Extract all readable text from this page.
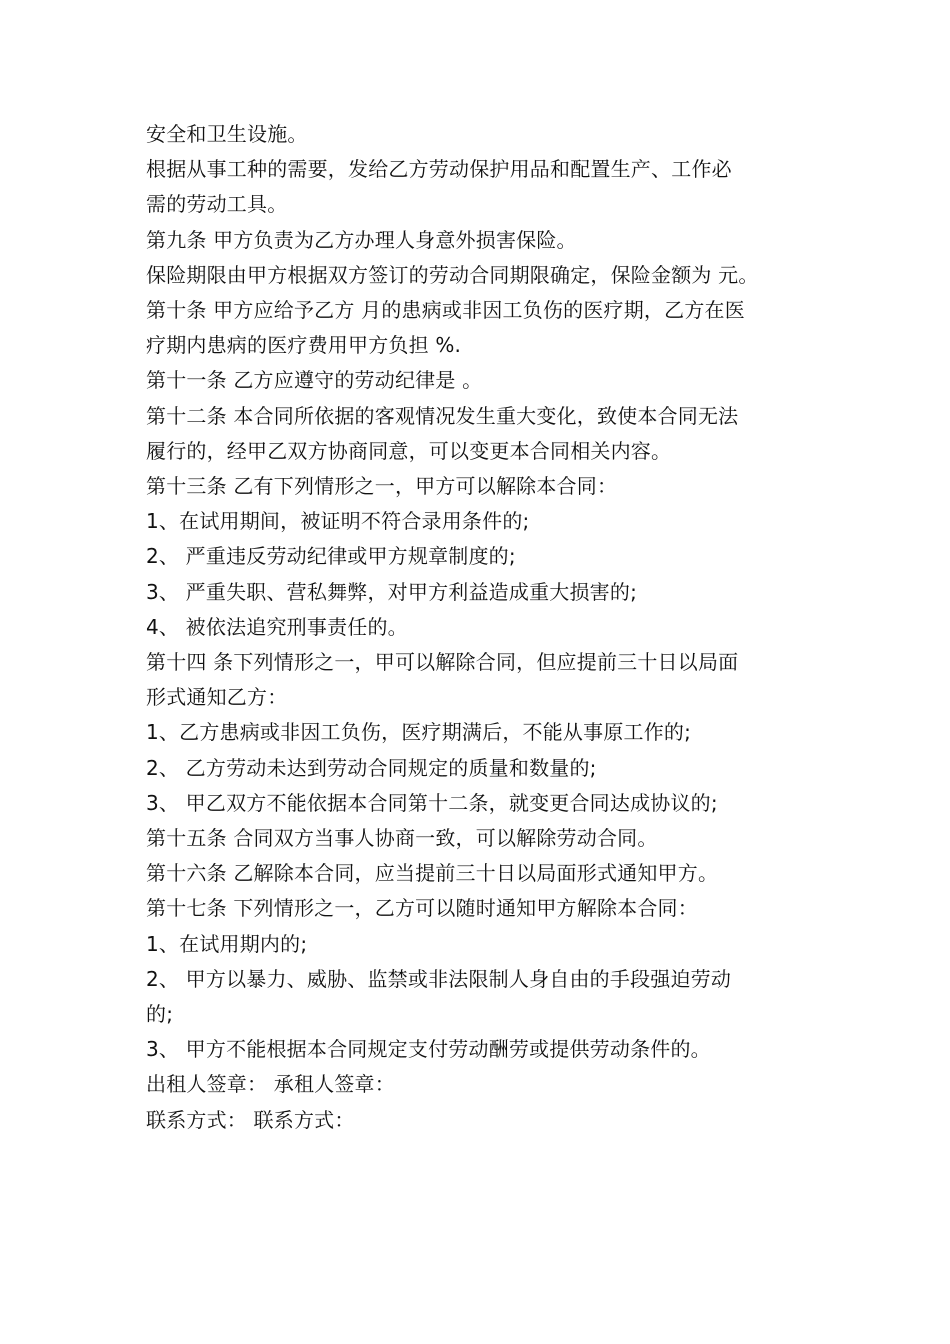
安全和卫生设施。
根据从事工种的需要，发给乙方劳动保护用品和配置生产、工作必
需的劳动工具。
第九条 甲方负责为乙方办理人身意外损害保险。
保险期限由甲方根据双方签订的劳动合同期限确定，保险金额为 元。
第十条 甲方应给予乙方 月的患病或非因工负伤的医疗期，乙方在医
疗期内患病的医疗费用甲方负担 %.
第十一条 乙方应遵守的劳动纪律是 。
第十二条 本合同所依据的客观情况发生重大变化，致使本合同无法
履行的，经甲乙双方协商同意，可以变更本合同相关内容。
第十三条 乙有下列情形之一，甲方可以解除本合同：
1、在试用期间，被证明不符合录用条件的;
2、 严重违反劳动纪律或甲方规章制度的;
3、 严重失职、营私舞弊，对甲方利益造成重大损害的;
4、 被依法追究刑事责任的。
第十四 条下列情形之一，甲可以解除合同，但应提前三十日以局面
形式通知乙方：
1、乙方患病或非因工负伤，医疗期满后，不能从事原工作的;
2、 乙方劳动未达到劳动合同规定的质量和数量的;
3、 甲乙双方不能依据本合同第十二条，就变更合同达成协议的;
第十五条 合同双方当事人协商一致，可以解除劳动合同。
第十六条 乙解除本合同，应当提前三十日以局面形式通知甲方。
第十七条 下列情形之一，乙方可以随时通知甲方解除本合同：
1、在试用期内的;
2、 甲方以暴力、威胁、监禁或非法限制人身自由的手段强迫劳动
的;
3、 甲方不能根据本合同规定支付劳动酬劳或提供劳动条件的。
出租人签章： 承租人签章：
联系方式： 联系方式：
